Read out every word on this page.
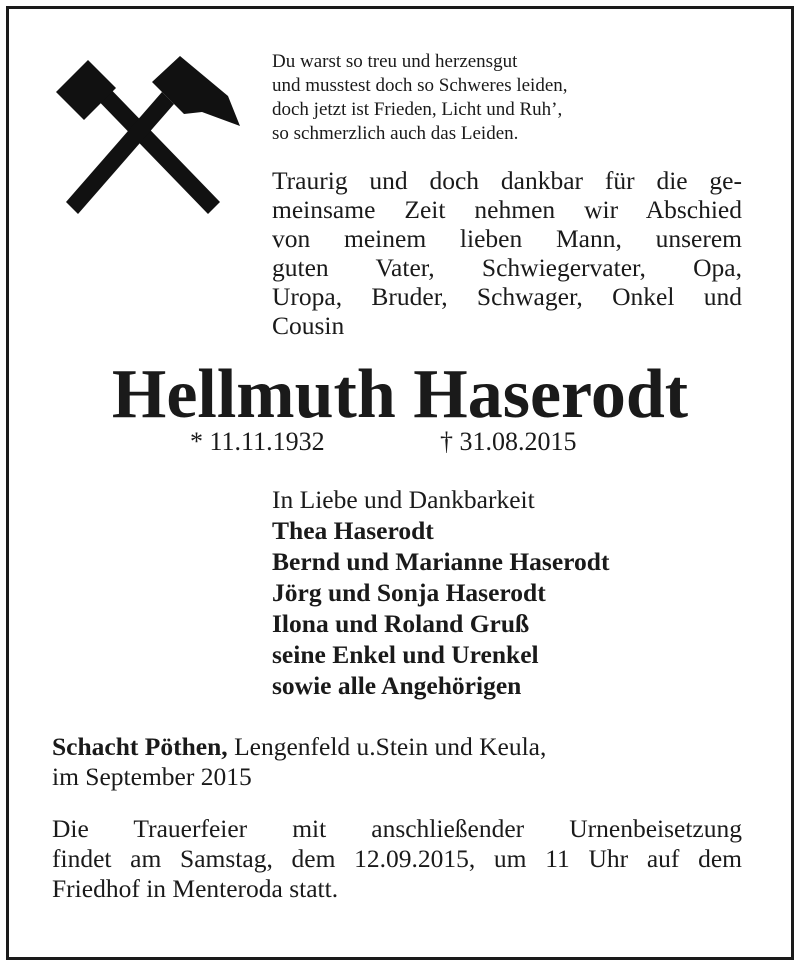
Du warst so treu und herzensgut
und musstest doch so Schweres leiden,
doch jetzt ist Frieden, Licht und Ruh’,
so schmerzlich auch das Leiden.
Traurig und doch dankbar für die ge-
meinsame Zeit nehmen wir Abschied
von meinem lieben Mann, unserem
guten Vater, Schwiegervater, Opa,
Uropa, Bruder, Schwager, Onkel und
Cousin
Hellmuth Haserodt
* 11.11.1932	† 31.08.2015
In Liebe und Dankbarkeit
Thea Haserodt
Bernd und Marianne Haserodt
Jörg und Sonja Haserodt
Ilona und Roland Gruß
seine Enkel und Urenkel
sowie alle Angehörigen
Schacht Pöthen, Lengenfeld u.Stein und Keula,
im September 2015
Die Trauerfeier mit anschließender Urnenbeisetzung
findet am Samstag, dem 12.09.2015, um 11 Uhr auf dem
Friedhof in Menteroda statt.
